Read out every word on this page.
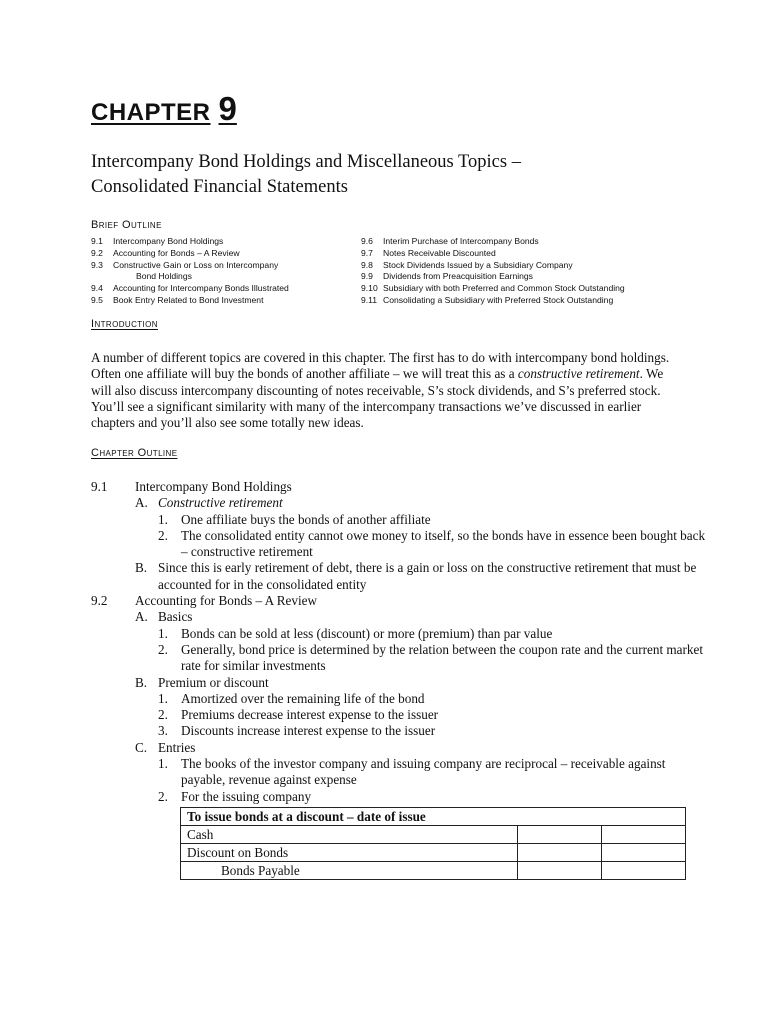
CHAPTER 9
Intercompany Bond Holdings and Miscellaneous Topics –
Consolidated Financial Statements
Brief Outline
9.1	Intercompany Bond Holdings
9.2	Accounting for Bonds – A Review
9.3	Constructive Gain or Loss on Intercompany
Bond Holdings
9.4	Accounting for Intercompany Bonds Illustrated
9.5	Book Entry Related to Bond Investment
9.6	Interim Purchase of Intercompany Bonds
9.7	Notes Receivable Discounted
9.8	Stock Dividends Issued by a Subsidiary Company
9.9	Dividends from Preacquisition Earnings
9.10 Subsidiary with both Preferred and Common Stock Outstanding
9.11 Consolidating a Subsidiary with Preferred Stock Outstanding
Introduction

A number of different topics are covered in this chapter. The first has to do with intercompany bond holdings. Often one affiliate will buy the bonds of another affiliate – we will treat this as a constructive retirement. We will also discuss intercompany discounting of notes receivable, S’s stock dividends, and S’s preferred stock. You’ll see a significant similarity with many of the intercompany transactions we’ve discussed in earlier chapters and you’ll also see some totally new ideas.

Chapter Outline
9.1	Intercompany Bond Holdings
A. Constructive retirement
1. One affiliate buys the bonds of another affiliate
2. The consolidated entity cannot owe money to itself, so the bonds have in essence been bought back – constructive retirement
B. Since this is early retirement of debt, there is a gain or loss on the constructive retirement that must be accounted for in the consolidated entity
9.2	Accounting for Bonds – A Review
A. Basics
1. Bonds can be sold at less (discount) or more (premium) than par value
2. Generally, bond price is determined by the relation between the coupon rate and the current market rate for similar investments
B. Premium or discount
1. Amortized over the remaining life of the bond
2. Premiums decrease interest expense to the issuer
3. Discounts increase interest expense to the issuer
C. Entries
1. The books of the investor company and issuing company are reciprocal – receivable against payable, revenue against expense
2. For the issuing company
To issue bonds at a discount – date of issue		
Cash		
Discount on Bonds		
Bonds Payable		
